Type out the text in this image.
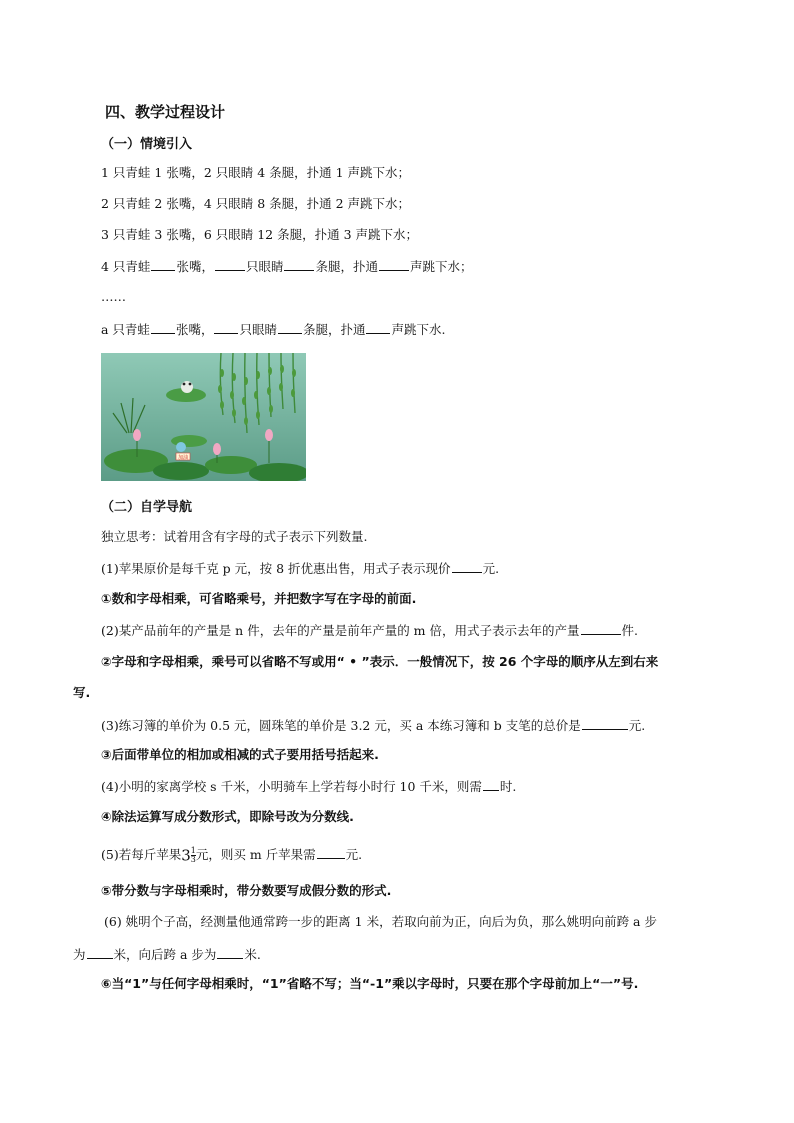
四、教学过程设计
（一）情境引入
1 只青蛙 1 张嘴，2 只眼睛 4 条腿，扑通 1 声跳下水；
2 只青蛙 2 张嘴，4 只眼睛 8 条腿，扑通 2 声跳下水；
3 只青蛙 3 张嘴，6 只眼睛 12 条腿，扑通 3 声跳下水；
4 只青蛙 张嘴，	只眼睛	条腿，扑通	声跳下水；
……
a 只青蛙 张嘴， 只眼睛 条腿，扑通 声跳下水.
加油
（二）自学导航
独立思考：试着用含有字母的式子表示下列数量.
(1)苹果原价是每千克 p 元，按 8 折优惠出售，用式子表示现价	元.
①数和字母相乘，可省略乘号，并把数字写在字母的前面.
(2)某产品前年的产量是 n 件，去年的产量是前年产量的 m 倍，用式子表示去年的产量	件.
②字母和字母相乘，乘号可以省略不写或用“ • ”表示．一般情况下，按 26 个字母的顺序从左到右来
写.
(3)练习簿的单价为 0.5 元，圆珠笔的单价是 3.2 元，买 a 本练习簿和 b 支笔的总价是	元.
③后面带单位的相加或相减的式子要用括号括起来.
(4)小明的家离学校 s 千米，小明骑车上学若每小时行 10 千米，则需 时.
④除法运算写成分数形式，即除号改为分数线.
(5)若每斤苹果$3 \frac{1}{3}$ 元，则买 m 斤苹果需 元.
⑤带分数与字母相乘时，带分数要写成假分数的形式.
(6) 姚明个子高，经测量他通常跨一步的距离 1 米，若取向前为正，向后为负，那么姚明向前跨 a 步
为 米，向后跨 a 步为 米.
⑥当“1”与任何字母相乘时，“1”省略不写；当“-1”乘以字母时，只要在那个字母前加上“一”号.
